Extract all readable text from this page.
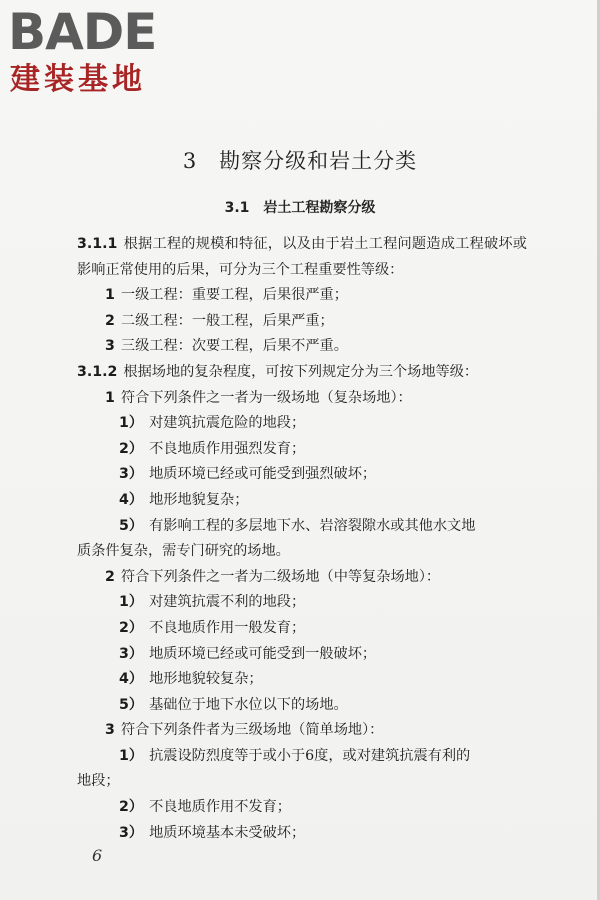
BADE
建装基地
3　勘察分级和岩土分类
3.1　岩土工程勘察分级

3.1.1 根据工程的规模和特征，以及由于岩土工程问题造成工程破坏或影响正常使用的后果，可分为三个工程重要性等级：

1 一级工程：重要工程，后果很严重；

2 二级工程：一般工程，后果严重；

3 三级工程：次要工程，后果不严重。

3.1.2 根据场地的复杂程度，可按下列规定分为三个场地等级：

1 符合下列条件之一者为一级场地（复杂场地）：

1） 对建筑抗震危险的地段；

2） 不良地质作用强烈发育；

3） 地质环境已经或可能受到强烈破坏；

4） 地形地貌复杂；

5） 有影响工程的多层地下水、岩溶裂隙水或其他水文地

质条件复杂，需专门研究的场地。

2 符合下列条件之一者为二级场地（中等复杂场地）：

1） 对建筑抗震不利的地段；

2） 不良地质作用一般发育；

3） 地质环境已经或可能受到一般破坏；

4） 地形地貌较复杂；

5） 基础位于地下水位以下的场地。

3 符合下列条件者为三级场地（简单场地）：

1） 抗震设防烈度等于或小于6度，或对建筑抗震有利的

地段；

2） 不良地质作用不发育；

3） 地质环境基本未受破坏；

6
